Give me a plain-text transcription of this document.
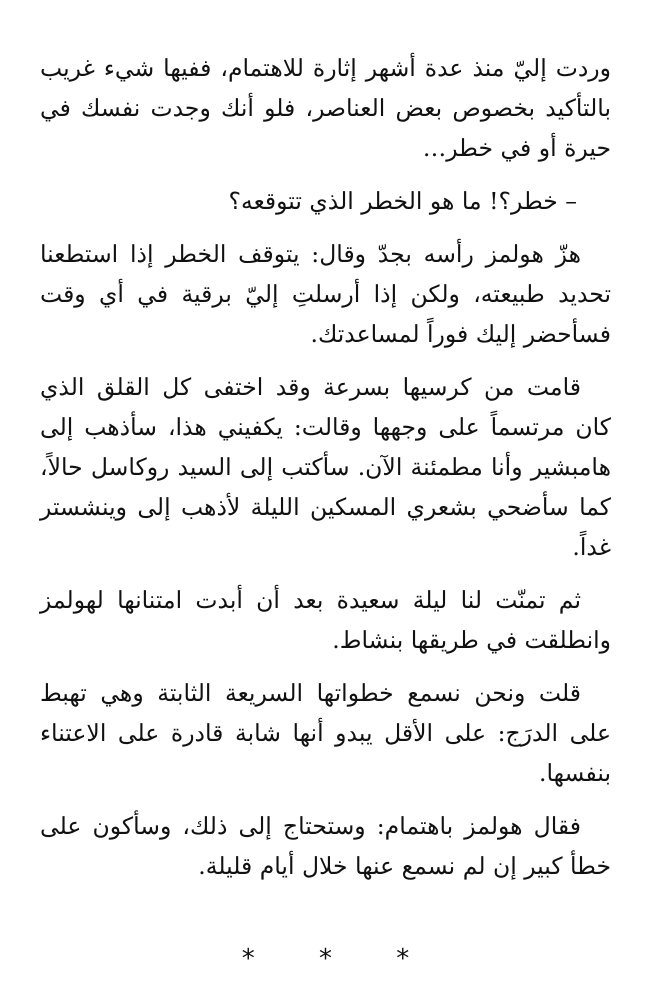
وردت إليّ منذ عدة أشهر إثارة للاهتمام، ففيها شيء غريب بالتأكيد بخصوص بعض العناصر، فلو أنك وجدت نفسك في حيرة أو في خطر…

– خطر؟! ما هو الخطر الذي تتوقعه؟

هزّ هولمز رأسه بجدّ وقال: يتوقف الخطر إذا استطعنا تحديد طبيعته، ولكن إذا أرسلتِ إليّ برقية في أي وقت فسأحضر إليك فوراً لمساعدتك.

قامت من كرسيها بسرعة وقد اختفى كل القلق الذي كان مرتسماً على وجهها وقالت: يكفيني هذا، سأذهب إلى هامبشير وأنا مطمئنة الآن. سأكتب إلى السيد روكاسل حالاً، كما سأضحي بشعري المسكين الليلة لأذهب إلى وينشستر غداً.

ثم تمنّت لنا ليلة سعيدة بعد أن أبدت امتنانها لهولمز وانطلقت في طريقها بنشاط.

قلت ونحن نسمع خطواتها السريعة الثابتة وهي تهبط على الدرَج: على الأقل يبدو أنها شابة قادرة على الاعتناء بنفسها.

فقال هولمز باهتمام: وستحتاج إلى ذلك، وسأكون على خطأ كبير إن لم نسمع عنها خلال أيام قليلة.

* * *
